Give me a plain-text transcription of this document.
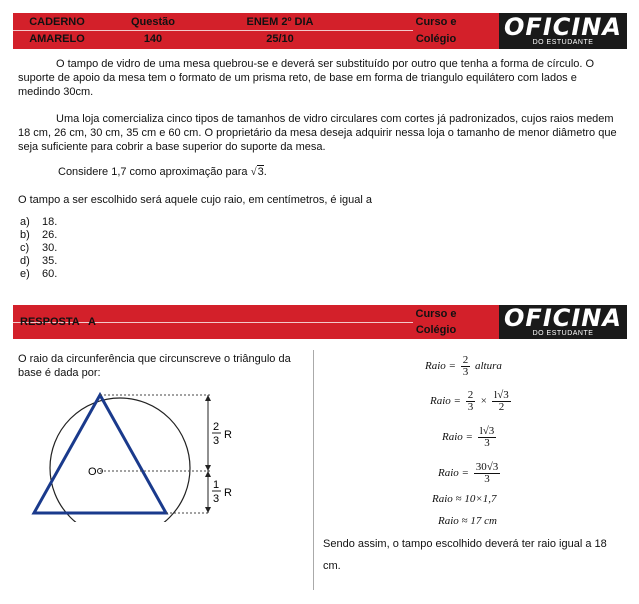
CADERNO
AMARELO
Questão
140
ENEM 2º DIA
25/10
Curso e
Colégio	OFICINA
DO ESTUDANTE

O tampo de vidro de uma mesa quebrou-se e deverá ser substituído por outro que tenha a forma de círculo. O suporte de apoio da mesa tem o formato de um prisma reto, de base em forma de triangulo equilátero com lados e medindo 30cm.

Uma loja comercializa cinco tipos de tamanhos de vidro circulares com cortes já padronizados, cujos raios medem 18 cm, 26 cm, 30 cm, 35 cm e 60 cm. O proprietário da mesa deseja adquirir nessa loja o tamanho de menor diâmetro que seja suficiente para cobrir a base superior do suporte da mesa.

Considere 1,7 como aproximação para √3.

O tampo a ser escolhido será aquele cujo raio, em centímetros, é igual a

a) 18.
b) 26.
c) 30.
d) 35.
e) 60.
RESPOSTA   A
Curso e
Colégio	OFICINA
DO ESTUDANTE

O raio da circunferência que circunscreve o triângulo da base é dada por:

O
2
3 R
1
3 R
Raio = $\frac{2}{3}$ altura
Raio = $\frac{2}{3} \times \frac{l√3}{2}$
Raio = $\frac{l√3}{3}$
Raio = $\frac{30√3}{3}$
Raio ≈ 10×1,7
Raio ≈ 17 cm

Sendo assim, o tampo escolhido deverá ter raio igual a 18 cm.
